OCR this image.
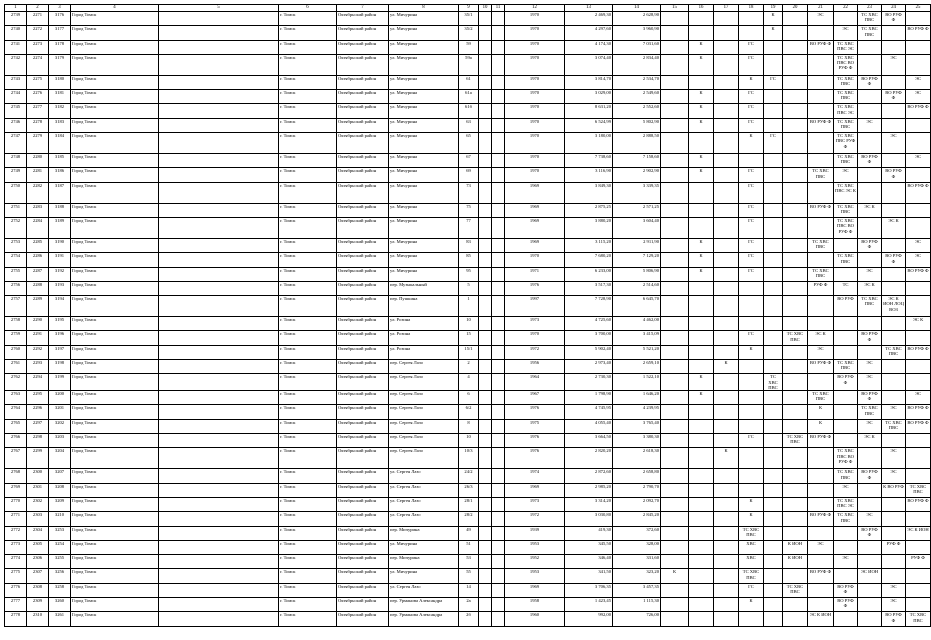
1	2	3	4	5	6	7	8	9	10	11	12	13	14	15	16	17	18	19	20	21	22	23	24	25
2739	2271	3176	Город Томск		г. Томск	Октябрьский район	ул. Мичурина	35/1			1970	2 469,30	2 628,90					К		ЭС		ТС ХВС ПВС	ВО РУФ Ф	
2740	2272	3177	Город Томск		г. Томск	Октябрьский район	ул. Мичурина	35/2			1970	4 297,60	3 960,90					К			ЭС	ТС ХВС ПВС		ВО РУФ Ф
2741	2273	3178	Город Томск		г. Томск	Октябрьский район	ул. Мичурина	59			1970	4 174,30	7 031,60		К		ГС			ВО РУФ Ф	ТС ХВС ПВС ЭС			
2742	2274	3179	Город Томск		г. Томск	Октябрьский район	ул. Мичурина	59а			1970	3 074,40	2 834,40		К		ГС				ТС ХВС ПВС ВО РУФ Ф		ЭС	
2743	2275	3180	Город Томск		г. Томск	Октябрьский район	ул. Мичурина	61			1970	3 814,70	2 534,70				К	ГС			ТС ХВС ПВС	ВО РУФ Ф		ЭС
2744	2276	3181	Город Томск		г. Томск	Октябрьский район	ул. Мичурина	61а			1970	3 029,00	2 549,60		К		ГС				ТС ХВС ПВС		ВО РУФ Ф	ЭС
2745	2277	3182	Город Томск		г. Томск	Октябрьский район	ул. Мичурина	61б			1970	8 631,20	2 552,60		К		ГС				ТС ХВС ПВС ЭС			ВО РУФ Ф
2746	2278	3183	Город Томск		г. Томск	Октябрьский район	ул. Мичурина	63			1970	6 524,99	5 802,90		К		ГС			ВО РУФ Ф	ТС ХВС ПВС	ЭС		
2747	2279	3184	Город Томск		г. Томск	Октябрьский район	ул. Мичурина	65			1970	3 180,00	2 888,50				К	ГС			ТС ХВС ПВС РУФ Ф		ЭС	
2748	2280	3185	Город Томск		г. Томск	Октябрьский район	ул. Мичурина	67			1970	7 738,60	7 158,60		К						ТС ХВС ПВС	ВО РУФ Ф		ЭС
2749	2281	3186	Город Томск		г. Томск	Октябрьский район	ул. Мичурина	69			1970	3 116,90	2 902,90		К		ГС			ТС ХВС ПВС	ЭС		ВО РУФ Ф	
2750	2282	3187	Город Томск		г. Томск	Октябрьский район	ул. Мичурина	73			1969	3 849,30	3 339,35				ГС				ТС ХВС ПВС ЭС К			ВО РУФ Ф
2751	2283	3188	Город Томск		г. Томск	Октябрьский район	ул. Мичурина	75			1969	2 875,25	2 571,25				ГС			ВО РУФ Ф	ТС ХВС ПВС	ЭС К		
2752	2284	3189	Город Томск		г. Томск	Октябрьский район	ул. Мичурина	77			1969	3 880,20	3 604,40				ГС				ТС ХВС ПВС ВО РУФ Ф		ЭС К	
2753	2285	3190	Город Томск		г. Томск	Октябрьский район	ул. Мичурина	83			1969	3 115,20	2 911,90		К		ГС			ТС ХВС ПВС		ВО РУФ Ф		ЭС
2754	2286	3191	Город Томск		г. Томск	Октябрьский район	ул. Мичурина	85			1970	7 680,20	7 129,20		К		ГС				ТС ХВС ПВС		ВО РУФ Ф	ЭС
2755	2287	3192	Город Томск		г. Томск	Октябрьский район	ул. Мичурина	95			1971	6 233,00	5 806,90		К		ГС			ТС ХВС ПВС		ЭС		ВО РУФ Ф
2756	2288	3193	Город Томск		г. Томск	Октябрьский район	пер. Музыкальный	5			1976	3 517,30	2 514,60							РУФ Ф	ТС	ЭС К		
2757	2289	3194	Город Томск		г. Томск	Октябрьский район	пер. Пушкина	1			1997	7 728,90	6 645,70								ВО РУФ	ТС ХВС ПВС	ЭС К ИОН ЛОЦ ВОЗ	
2758	2290	3195	Город Томск		г. Томск	Октябрьский район	ул. Розина	10			1973	4 725,60	4 462,00											ЭС К
2759	2291	3196	Город Томск		г. Томск	Октябрьский район	ул. Розина	15			1970	3 700,00	3 415,09				ГС		ТС ХВС ПВС	ЭС К		ВО РУФ Ф		
2760	2292	3197	Город Томск		г. Томск	Октябрьский район	ул. Розина	15/1			1972	5 902,40	5 521,20				К			ЭС			ТС ХВС ПВС	ВО РУФ Ф
2761	2293	3198	Город Томск		г. Томск	Октябрьский район	пер. Сергея Лазо	2			1956	2 973,40	2 659,10			К				ВО РУФ Ф	ТС ХВС ПВС	ЭС		
2762	2294	3199	Город Томск		г. Томск	Октябрьский район	пер. Сергея Лазо	4			1964	2 730,30	1 522,10		К			ТС ХВС ПВС			ВО РУФ Ф	ЭС		
2763	2295	3200	Город Томск		г. Томск	Октябрьский район	пер. Сергея Лазо	6			1967	1 798,90	1 646,20		К					ТС ХВС ПВС		ВО РУФ Ф		ЭС
2764	2296	3201	Город Томск		г. Томск	Октябрьский район	пер. Сергея Лазо	6/2			1976	4 745,95	4 239,95							К		ТС ХВС ПВС	ЭС	ВО РУФ Ф
2765	2297	3202	Город Томск		г. Томск	Октябрьский район	пер. Сергея Лазо	8			1975	4 055,40	3 765,40							К		ЭС	ТС ХВС ПВС	ВО РУФ Ф
2766	2298	3203	Город Томск		г. Томск	Октябрьский район	пер. Сергея Лазо	10			1976	3 664,50	3 380,30				ГС		ТС ХВС ПВС	ВО РУФ Ф		ЭС К		
2767	2299	3204	Город Томск		г. Томск	Октябрьский район	пер. Сергея Лазо	10/3			1976	2 820,20	2 618,30			К					ТС ХВС ПВС ВО РУФ Ф		ЭС	
2768	2300	3207	Город Томск		г. Томск	Октябрьский район	ул. Сергея Лазо	24/2			1974	2 872,60	2 658,80								ТС ХВС ПВС	ВО РУФ Ф	ЭС	
2769	2301	3208	Город Томск		г. Томск	Октябрьский район	ул. Сергея Лазо	26/3			1969	2 985,20	2 790,70								ЭС		К ВО РУФ	ТС ХВС ПВС
2770	2302	3209	Город Томск		г. Томск	Октябрьский район	ул. Сергея Лазо	28/1			1973	3 314,20	2 092,70				К				ТС ХВС ПВС ЭС			ВО РУФ Ф
2771	2303	3210	Город Томск		г. Томск	Октябрьский район	ул. Сергея Лазо	28/2			1972	3 030,80	2 845,20				К			ВО РУФ Ф	ТС ХВС ПВС	ЭС		
2772	2304	3253	Город Томск		г. Томск	Октябрьский район	пер. Мичурина	49			1939	419,30	372,60				ТС ХВС ПВС					ВО РУФ Ф		ЭС К ИОН
2773	2305	3254	Город Томск		г. Томск	Октябрьский район	ул. Мичурина	51			1953	345,50	328,00				ХВС		К ИОН	ЭС			РУФ Ф	
2774	2306	3255	Город Томск		г. Томск	Октябрьский район	пер. Мичурина	53			1952	346,40	331,60				ХВС		К ИОН		ЭС			РУФ Ф
2775	2307	3256	Город Томск		г. Томск	Октябрьский район	ул. Мичурина	55			1953	341,50	323,20	К			ТС ХВС ПВС			ВО РУФ Ф		ЭС ИОН		
2776	2308	3258	Город Томск		г. Томск	Октябрьский район	ул. Сергея Лазо	14			1969	3 706,35	3 457,35				ГС		ТС ХВС ПВС		ВО РУФ Ф		ЭС	
2777	2309	3260	Город Томск		г. Томск	Октябрьский район	пер. Урманова Александра	2а			1958	1 423,45	1 115,30				К				ВО РУФ Ф		ЭС	
2778	2310	3261	Город Томск		г. Томск	Октябрьский район	пер. Урманова Александра	2б			1960	992,00	726,00							ЭС К ИОН			ВО РУФ Ф	ТС ХВС ПВС
